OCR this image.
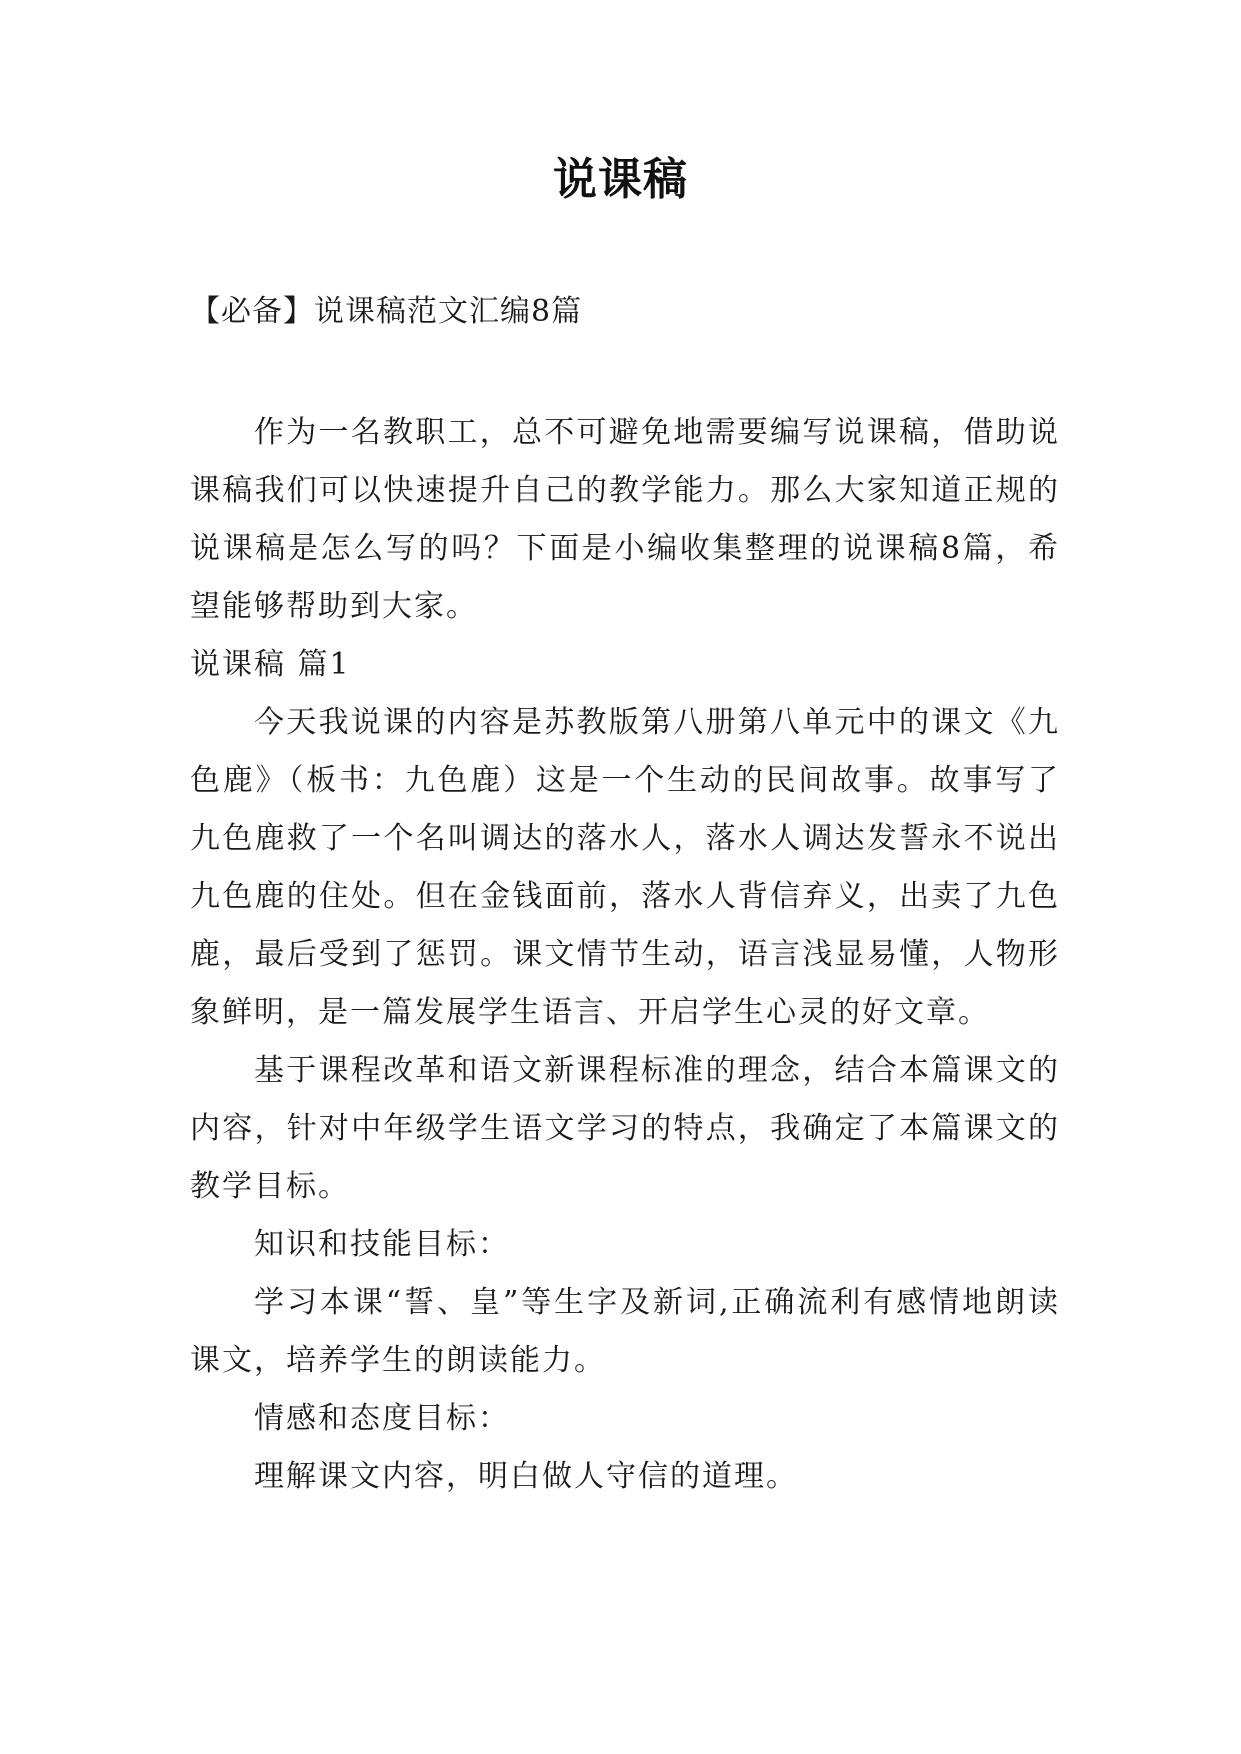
说课稿
【必备】说课稿范文汇编8篇

作为一名教职工，总不可避免地需要编写说课稿，借助说课稿我们可以快速提升自己的教学能力。那么大家知道正规的说课稿是怎么写的吗？下面是小编收集整理的说课稿8篇，希望能够帮助到大家。

说课稿 篇1

今天我说课的内容是苏教版第八册第八单元中的课文《九色鹿》（板书：九色鹿）这是一个生动的民间故事。故事写了九色鹿救了一个名叫调达的落水人，落水人调达发誓永不说出九色鹿的住处。但在金钱面前，落水人背信弃义，出卖了九色鹿，最后受到了惩罚。课文情节生动，语言浅显易懂，人物形象鲜明，是一篇发展学生语言、开启学生心灵的好文章。

基于课程改革和语文新课程标准的理念，结合本篇课文的内容，针对中年级学生语文学习的特点，我确定了本篇课文的教学目标。

知识和技能目标：

学习本课“誓、皇”等生字及新词,正确流利有感情地朗读课文，培养学生的朗读能力。

情感和态度目标：

理解课文内容，明白做人守信的道理。
